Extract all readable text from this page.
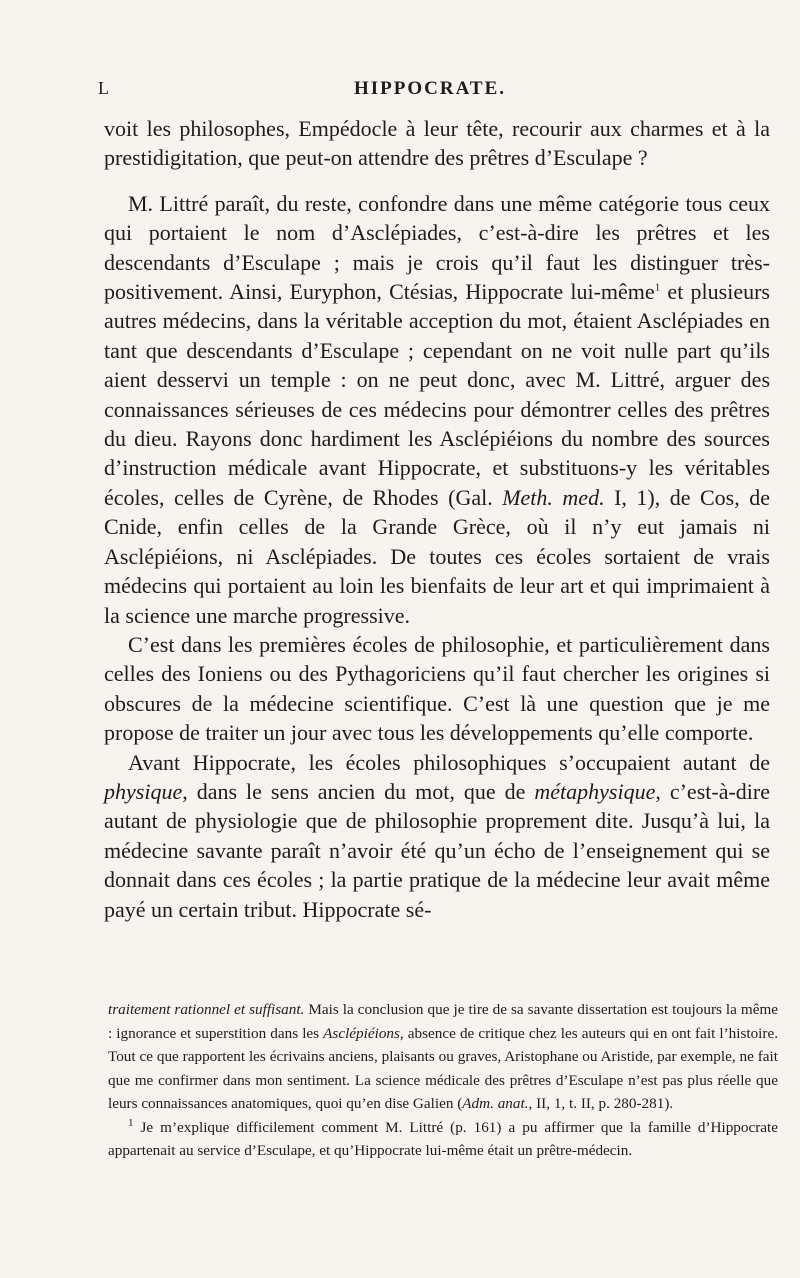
L	HIPPOCRATE.

voit les philosophes, Empédocle à leur tête, recourir aux charmes et à la prestidigitation, que peut-on attendre des prêtres d’Esculape ?

M. Littré paraît, du reste, confondre dans une même catégorie tous ceux qui portaient le nom d’Asclépiades, c’est-à-dire les prêtres et les descendants d’Esculape ; mais je crois qu’il faut les distinguer très-positivement. Ainsi, Euryphon, Ctésias, Hippocrate lui-même$^1$ et plusieurs autres médecins, dans la véritable acception du mot, étaient Asclépiades en tant que descendants d’Esculape ; cependant on ne voit nulle part qu’ils aient desservi un temple : on ne peut donc, avec M. Littré, arguer des connaissances sérieuses de ces médecins pour démontrer celles des prêtres du dieu. Rayons donc hardiment les Asclépiéions du nombre des sources d’instruction médicale avant Hippocrate, et substituons-y les véritables écoles, celles de Cyrène, de Rhodes (Gal. Meth. med. I, 1), de Cos, de Cnide, enfin celles de la Grande Grèce, où il n’y eut jamais ni Asclépiéions, ni Asclépiades. De toutes ces écoles sortaient de vrais médecins qui portaient au loin les bienfaits de leur art et qui imprimaient à la science une marche progressive.

C’est dans les premières écoles de philosophie, et particulièrement dans celles des Ioniens ou des Pythagoriciens qu’il faut chercher les origines si obscures de la médecine scientifique. C’est là une question que je me propose de traiter un jour avec tous les développements qu’elle comporte.

Avant Hippocrate, les écoles philosophiques s’occupaient autant de physique, dans le sens ancien du mot, que de métaphysique, c’est-à-dire autant de physiologie que de philosophie proprement dite. Jusqu’à lui, la médecine savante paraît n’avoir été qu’un écho de l’enseignement qui se donnait dans ces écoles ; la partie pratique de la médecine leur avait même payé un certain tribut. Hippocrate sé-

traitement rationnel et suffisant. Mais la conclusion que je tire de sa savante dissertation est toujours la même : ignorance et superstition dans les Asclépiéions, absence de critique chez les auteurs qui en ont fait l’histoire. Tout ce que rapportent les écrivains anciens, plaisants ou graves, Aristophane ou Aristide, par exemple, ne fait que me confirmer dans mon sentiment. La science médicale des prêtres d’Esculape n’est pas plus réelle que leurs connaissances anatomiques, quoi qu’en dise Galien (Adm. anat., II, 1, t. II, p. 280-281).

$^1$ Je m’explique difficilement comment M. Littré (p. 161) a pu affirmer que la famille d’Hippocrate appartenait au service d’Esculape, et qu’Hippocrate lui-même était un prêtre-médecin.
